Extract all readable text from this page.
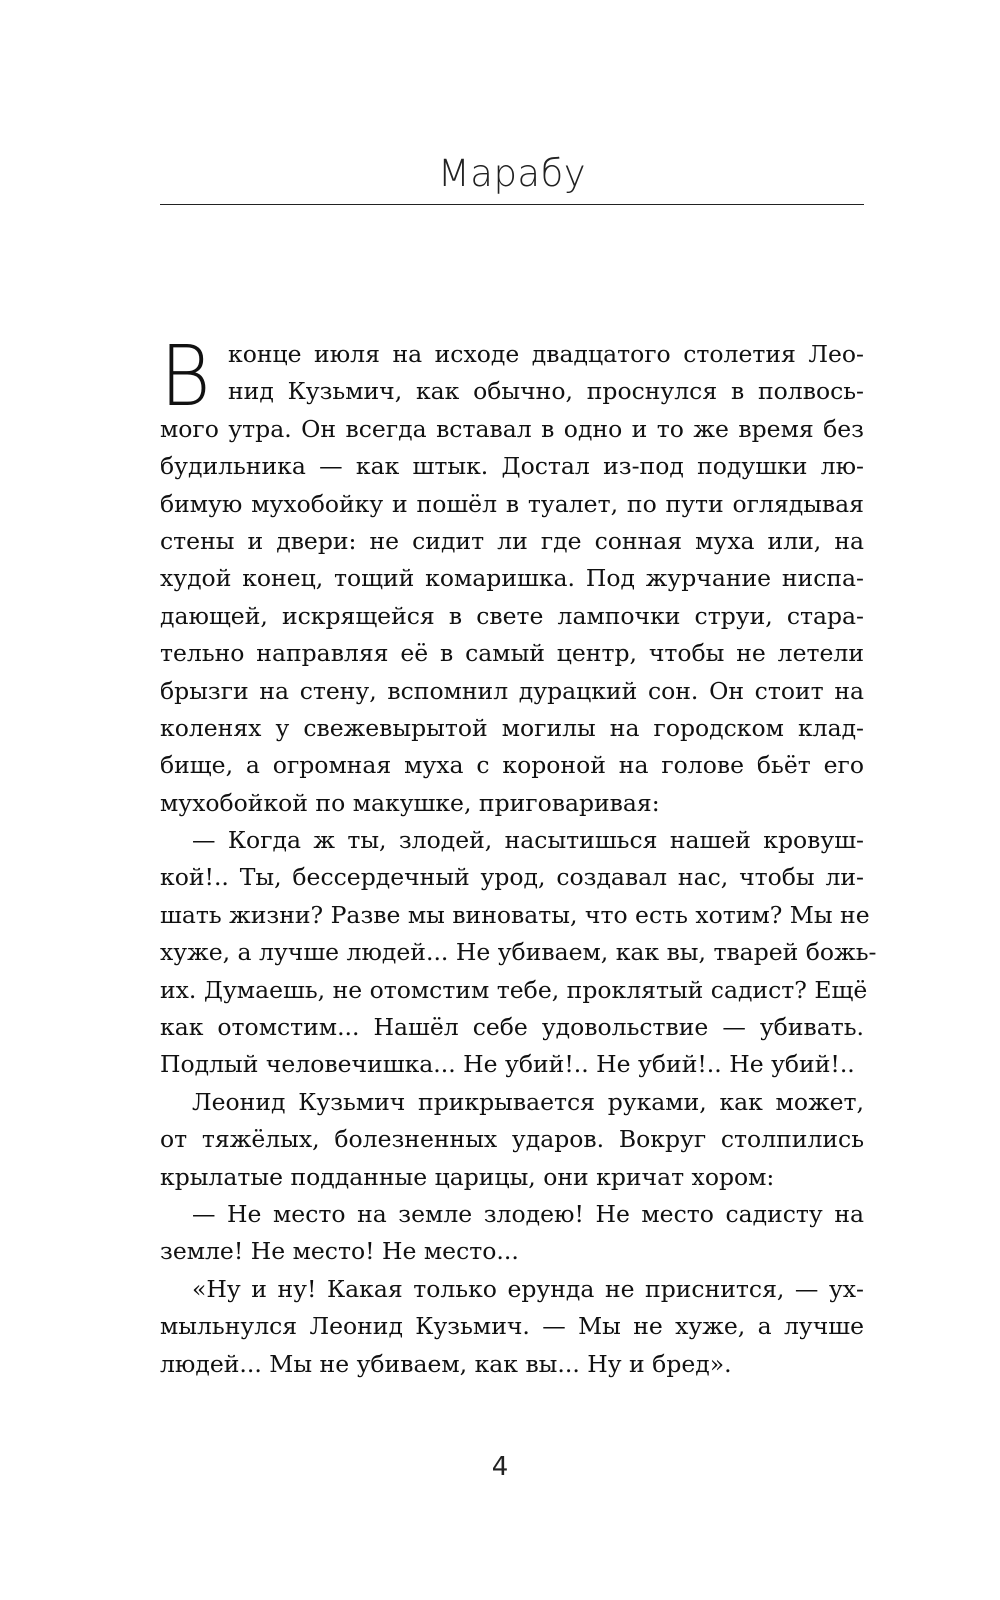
Марабу
В конце июля на исходе двадцатого столетия Лео-
нид Кузьмич, как обычно, проснулся в полвось-
мого утра. Он всегда вставал в одно и то же время без
будильника — как штык. Достал из-под подушки лю-
бимую мухобойку и пошёл в туалет, по пути оглядывая
стены и двери: не сидит ли где сонная муха или, на
худой конец, тощий комаришка. Под журчание ниспа-
дающей, искрящейся в свете лампочки струи, стара-
тельно направляя её в самый центр, чтобы не летели
брызги на стену, вспомнил дурацкий сон. Он стоит на
коленях у свежевырытой могилы на городском клад-
бище, а огромная муха с короной на голове бьёт его
мухобойкой по макушке, приговаривая:
— Когда ж ты, злодей, насытишься нашей кровуш-
кой!.. Ты, бессердечный урод, создавал нас, чтобы ли-
шать жизни? Разве мы виноваты, что есть хотим? Мы не
хуже, а лучше людей... Не убиваем, как вы, тварей божь-
их. Думаешь, не отомстим тебе, проклятый садист? Ещё
как отомстим... Нашёл себе удовольствие — убивать.
Подлый человечишка... Не убий!.. Не убий!.. Не убий!..
Леонид Кузьмич прикрывается руками, как может,
от тяжёлых, болезненных ударов. Вокруг столпились
крылатые подданные царицы, они кричат хором:
— Не место на земле злодею! Не место садисту на
земле! Не место! Не место...
«Ну и ну! Какая только ерунда не приснится, — ух-
мыльнулся Леонид Кузьмич. — Мы не хуже, а лучше
людей... Мы не убиваем, как вы... Ну и бред».
4
